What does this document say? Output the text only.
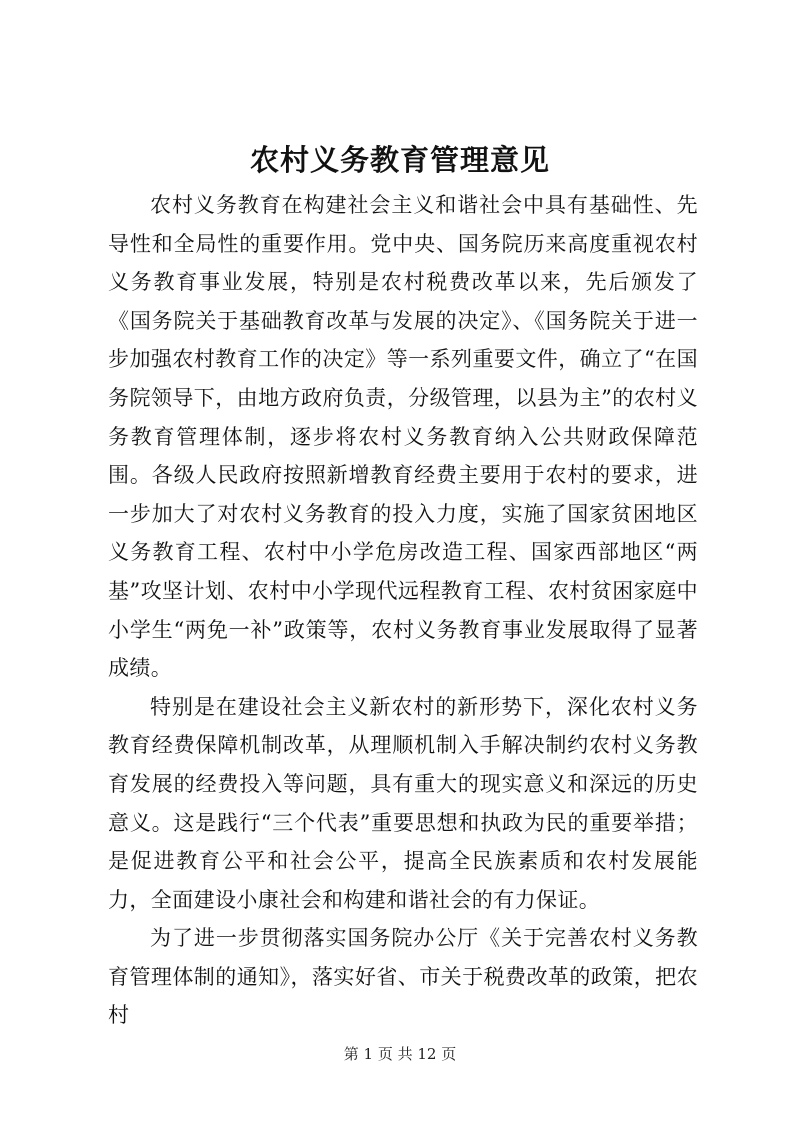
农村义务教育管理意见

农村义务教育在构建社会主义和谐社会中具有基础性、先导性和全局性的重要作用。党中央、国务院历来高度重视农村义务教育事业发展，特别是农村税费改革以来，先后颁发了《国务院关于基础教育改革与发展的决定》、《国务院关于进一步加强农村教育工作的决定》等一系列重要文件，确立了“在国务院领导下，由地方政府负责，分级管理，以县为主”的农村义务教育管理体制，逐步将农村义务教育纳入公共财政保障范围。各级人民政府按照新增教育经费主要用于农村的要求，进一步加大了对农村义务教育的投入力度，实施了国家贫困地区义务教育工程、农村中小学危房改造工程、国家西部地区“两基”攻坚计划、农村中小学现代远程教育工程、农村贫困家庭中小学生“两免一补”政策等，农村义务教育事业发展取得了显著成绩。

特别是在建设社会主义新农村的新形势下，深化农村义务教育经费保障机制改革，从理顺机制入手解决制约农村义务教育发展的经费投入等问题，具有重大的现实意义和深远的历史意义。这是践行“三个代表”重要思想和执政为民的重要举措；是促进教育公平和社会公平，提高全民族素质和农村发展能力，全面建设小康社会和构建和谐社会的有力保证。

为了进一步贯彻落实国务院办公厅《关于完善农村义务教育管理体制的通知》，落实好省、市关于税费改革的政策，把农村

第 1 页 共 12 页
